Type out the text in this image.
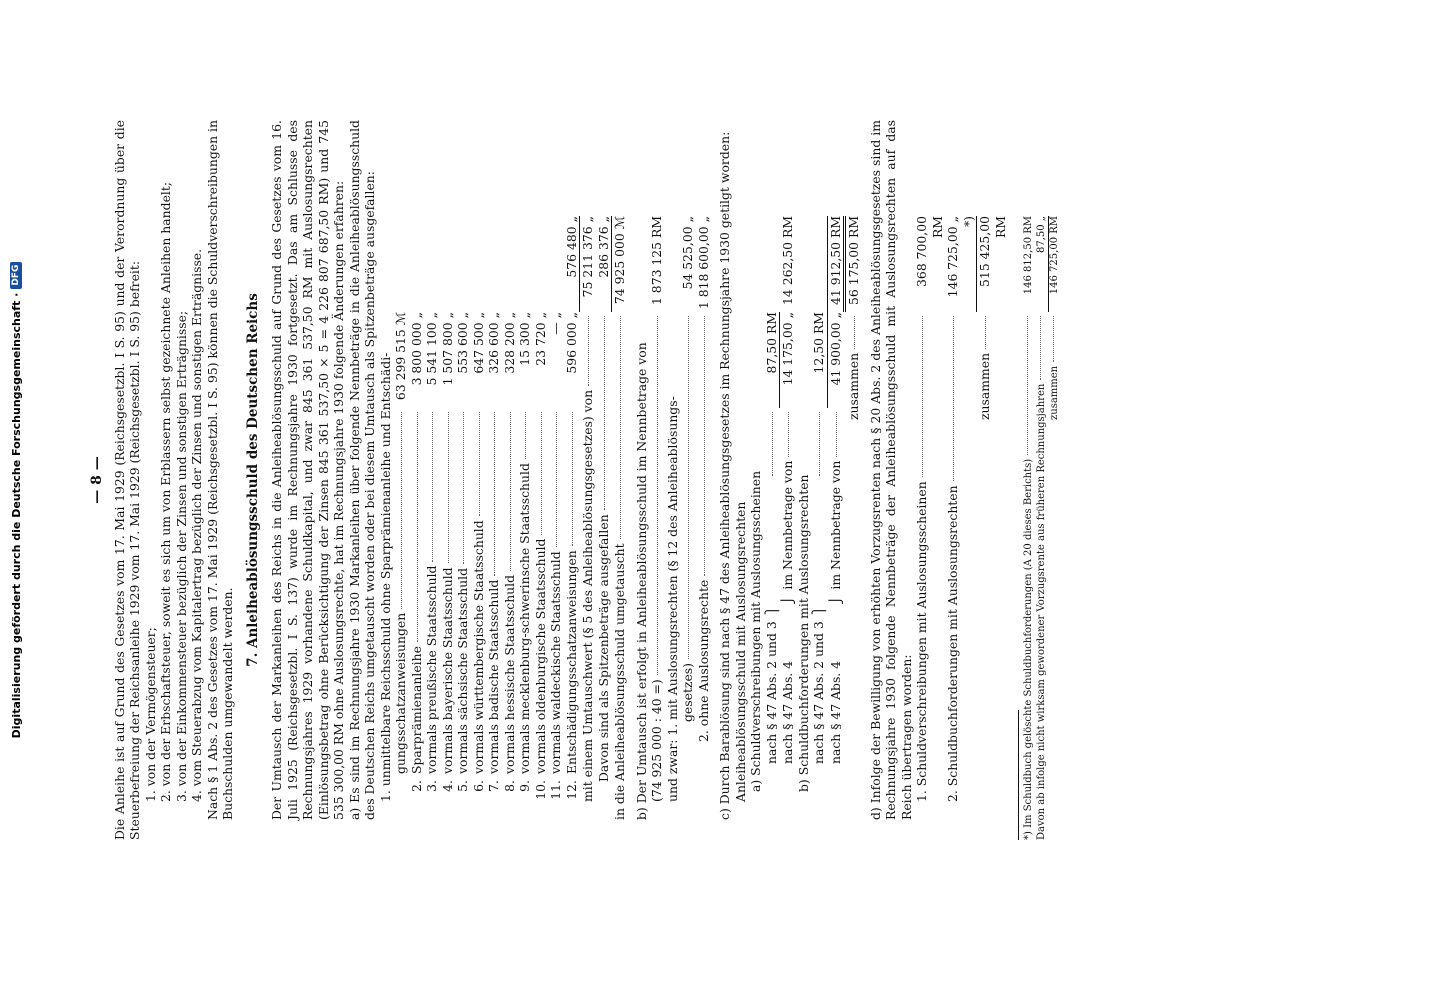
Digitalisierung gefördert durch die Deutsche Forschungsgemeinschaft ·
DFG
— 8 — Die Anleihe ist auf Grund des Gesetzes vom 17. Mai 1929 (Reichsgesetzbl. I S. 95) und der Verordnung über die Steuerbefreiung der Reichsanleihe 1929 vom 17. Mai 1929 (Reichsgesetzbl. I S. 95) befreit: 1. von der Vermögensteuer; 2. von der Erbschaftsteuer, soweit es sich um von Erblassern selbst gezeichnete Anleihen handelt; 3. von der Einkommensteuer bezüglich der Zinsen und sonstigen Erträgnisse; 4. vom Steuerabzug vom Kapitalertrag bezüglich der Zinsen und sonstigen Erträgnisse. Nach § 1 Abs. 2 des Gesetzes vom 17. Mai 1929 (Reichsgesetzbl. I S. 95) können die Schuldverschreibungen in Buchschulden umgewandelt werden.

7. Anleiheablösungsschuld des Deutschen Reichs Der Umtausch der Markanleihen des Reichs in die Anleiheablösungsschuld auf Grund des Gesetzes vom 16. Juli 1925 (Reichsgesetzbl. I S. 137) wurde im Rechnungsjahre 1930 fortgesetzt. Das am Schlusse des Rechnungsjahres 1929 vorhandene Schuldkapital, und zwar 845 361 537,50 RM mit Auslosungsrechten (Einlösungsbetrag ohne Berücksichtigung der Zinsen 845 361 537,50 × 5 = 4 226 807 687,50 RM) und 745 535 300,00 RM ohne Auslosungsrechte, hat im Rechnungsjahre 1930 folgende Änderungen erfahren: a) Es sind im Rechnungsjahre 1930 Markanleihen über folgende Nennbeträge in die Anleiheablösungsschuld des Deutschen Reichs umgetauscht worden oder bei diesem Umtausch als Spitzenbeträge ausgefallen: 1. unmittelbare Reichsschuld ohne Sparprämienanleihe und Entschädi- gungsschatzanweisungen
63 299 515 ℳ
2.Sparprämienanleihe
3 800 000 „
3.vormals preußische Staatsschuld
5 541 100 „
4.vormals bayerische Staatsschuld
1 507 800 „
5.vormals sächsische Staatsschuld
553 600 „
6.vormals württembergische Staatsschuld
647 500 „
7.vormals badische Staatsschuld
326 600 „
8.vormals hessische Staatsschuld
328 200 „
9.vormals mecklenburg-schwerinsche Staatsschuld
15 300 „
10.vormals oldenburgische Staatsschuld
23 720 „
11.vormals waldeckische Staatsschuld
— „
12.Entschädigungsschatzanweisungen
596 000 „
576 480 „
mit einem Umtauschwert (§ 5 des Anleiheablösungsgesetzes) von
75 211 376 „
Davon sind als Spitzenbeträge ausgefallen
286 376 „
in die Anleiheablösungsschuld umgetauscht
74 925 000 ℳ
b) Der Umtausch ist erfolgt in Anleiheablösungsschuld im Nennbetrage von (74 925 000 : 40 =)
1 873 125 RM
und zwar: 1. mit Auslosungsrechten (§ 12 des Anleiheablösungs- gesetzes)
54 525,00 „
2. ohne Auslosungsrechte
1 818 600,00 „ c) Durch Barablösung sind nach § 47 des Anleiheablösungsgesetzes im Rechnungsjahre 1930 getilgt worden: Anleiheablösungsschuld mit Auslosungsrechten a) Schuldverschreibungen mit Auslosungsscheinen nach § 47 Abs. 2 und 3
⎫
87,50 RM
nach § 47 Abs. 4
⎭
im Nennbetrage von
14 175,00 „
14 262,50 RM

b) Schuldbuchforderungen mit Auslosungsrechten nach § 47 Abs. 2 und 3
⎫
12,50 RM
nach § 47 Abs. 4
⎭
im Nennbetrage von
41 900,00 „
41 912,50 RM
zusammen
56 175,00 RM d) Infolge der Bewilligung von erhöhten Vorzugsrenten nach § 20 Abs. 2 des Anleiheablösungsgesetzes sind im Rechnungsjahre 1930 folgende Nennbeträge der Anleiheablösungsschuld mit Auslosungsrechten auf das Reich übertragen worden: 1. Schuldverschreibungen mit Auslosungsscheinen
368 700,00 RM
2. Schuldbuchforderungen mit Auslosungsrechten
146 725,00 „ *)
zusammen
515 425,00 RM
*) Im Schuldbuch gelöschte Schuldbuchforderungen (A 20 dieses Berichts)
146 812,50 RM
Davon ab infolge nicht wirksam gewordener Vorzugsrente aus früheren Rechnungsjahren
87,50 „
zusammen
146 725,00 RM
